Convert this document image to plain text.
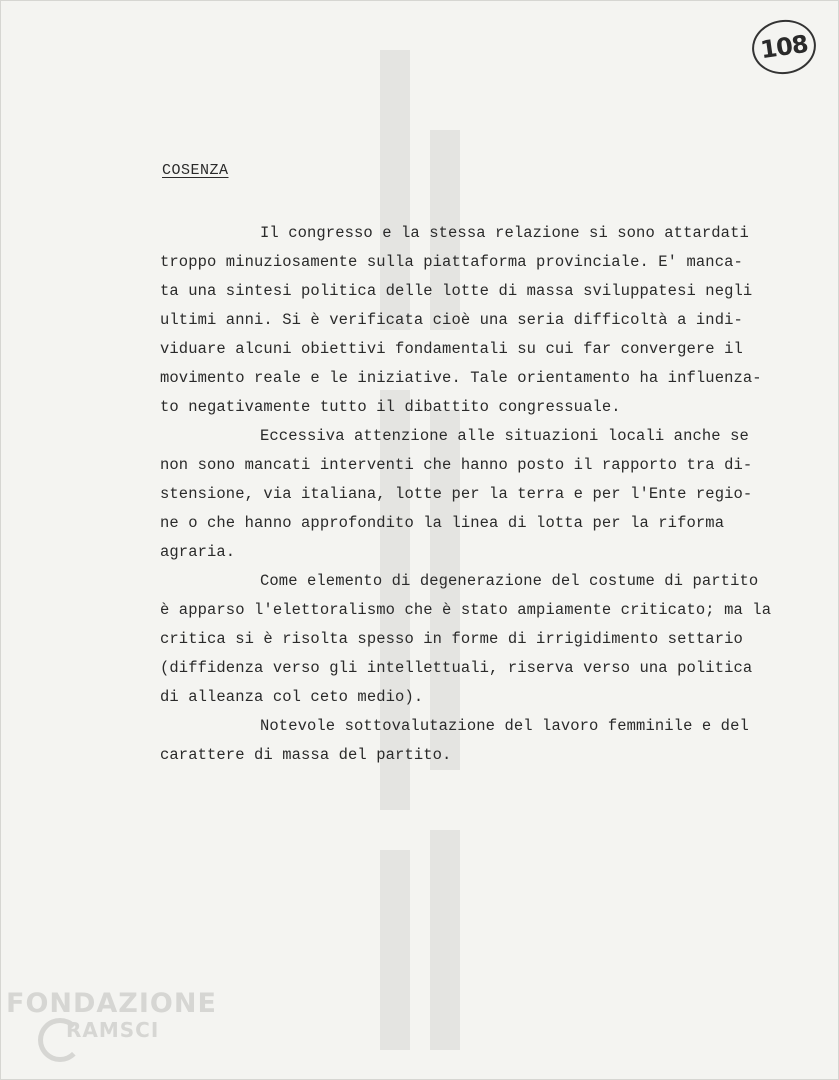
108
COSENZA
Il congresso e la stessa relazione si sono attardati
troppo minuziosamente sulla piattaforma provinciale. E' manca-
ta una sintesi politica delle lotte di massa sviluppatesi negli
ultimi anni. Si è verificata cioè una seria difficoltà a indi-
viduare alcuni obiettivi fondamentali su cui far convergere il
movimento reale e le iniziative. Tale orientamento ha influenza-
to negativamente tutto il dibattito congressuale.
Eccessiva attenzione alle situazioni locali anche se
non sono mancati interventi che hanno posto il rapporto tra di-
stensione, via italiana, lotte per la terra e per l'Ente regio-
ne o che hanno approfondito la linea di lotta per la riforma
agraria.
Come elemento di degenerazione del costume di partito
è apparso l'elettoralismo che è stato ampiamente criticato; ma la
critica si è risolta spesso in forme di irrigidimento settario
(diffidenza verso gli intellettuali, riserva verso una politica
di alleanza col ceto medio).
Notevole sottovalutazione del lavoro femminile e del
carattere di massa del partito.
FONDAZIONE
RAMSCI
